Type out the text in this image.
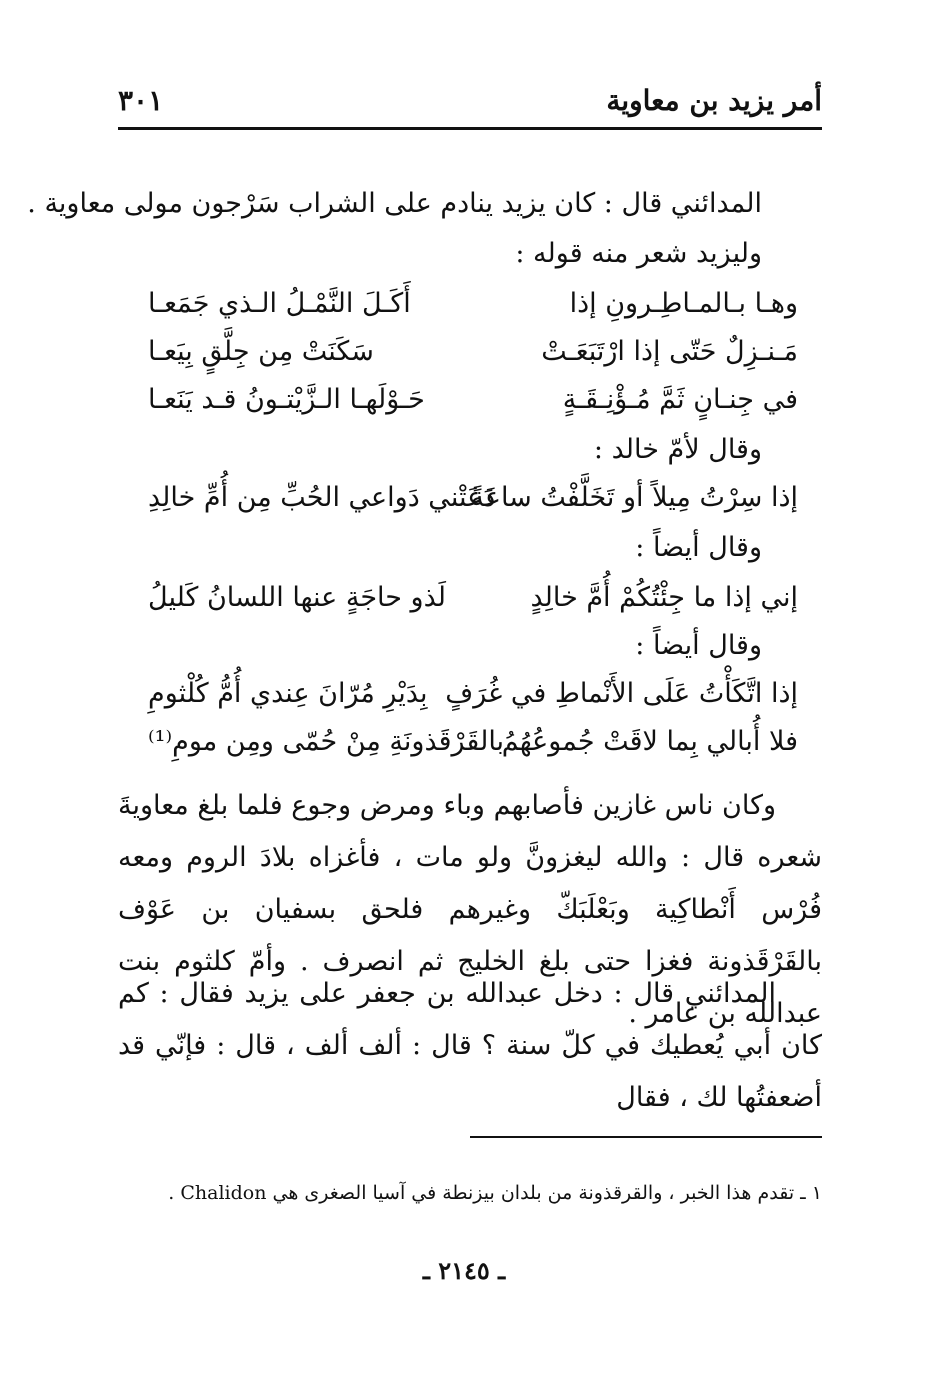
أمر يزيد بن معاوية
٣٠١
المدائني قال : كان يزيد ينادم على الشراب سَرْجون مولى معاوية .
وليزيد شعر منه قوله :
وهـا بـالمـاطِـرونِ إذا
أَكَـلَ النَّمْـلُ الـذي جَمَعـا
مَـنـزِلٌ حَتّى إذا ارْتَبَعَـتْ
سَكَنَتْ مِن جِلَّقٍ بِيَعـا
في جِنـانٍ ثَمَّ مُـؤْنِـقَـةٍ
حَـوْلَهـا الـزَّيْتـونُ قـد يَنَعـا
وقال لأمّ خالد :
إذا سِرْتُ مِيلاً أو تَخَلَّفْتُ ساعَةً
دَعَتْني دَواعي الحُبِّ مِن أُمِّ خالِدِ
وقال أيضاً :
إني إذا ما جِئْتُكُمْ أُمَّ خالِدٍ
لَذو حاجَةٍ عنها اللسانُ كَليلُ
وقال أيضاً :
إذا اتَّكَأْتُ عَلَى الأَنْماطِ في غُرَفٍ
بِدَيْرِ مُرّانَ عِندي أُمُّ كُلْثومِ
فلا أُبالي بِما لاقَتْ جُموعُهُمُ
بالقَرْقَذونَةِ مِنْ حُمّى ومِن مومِ⁽¹⁾
وكان ناس غازين فأصابهم وباء ومرض وجوع فلما بلغ معاويةَ شعره قال : والله ليغزونَّ ولو مات ، فأغزاه بلادَ الروم ومعه فُرْس أَنْطاكِية وبَعْلَبَكّ وغيرهم فلحق بسفيان بن عَوْف بالقَرْقَذونة فغزا حتى بلغ الخليج ثم انصرف . وأمّ كلثوم بنت عبدالله بن عامر .
المدائني قال : دخل عبدالله بن جعفر على يزيد فقال : كم كان أبي يُعطيك في كلّ سنة ؟ قال : ألف ألف ، قال : فإنّي قد أضعفتُها لك ، فقال
١ ـ تقدم هذا الخبر ، والقرقذونة من بلدان بيزنطة في آسيا الصغرى هي Chalidon .
ـ ٢١٤٥ ـ
